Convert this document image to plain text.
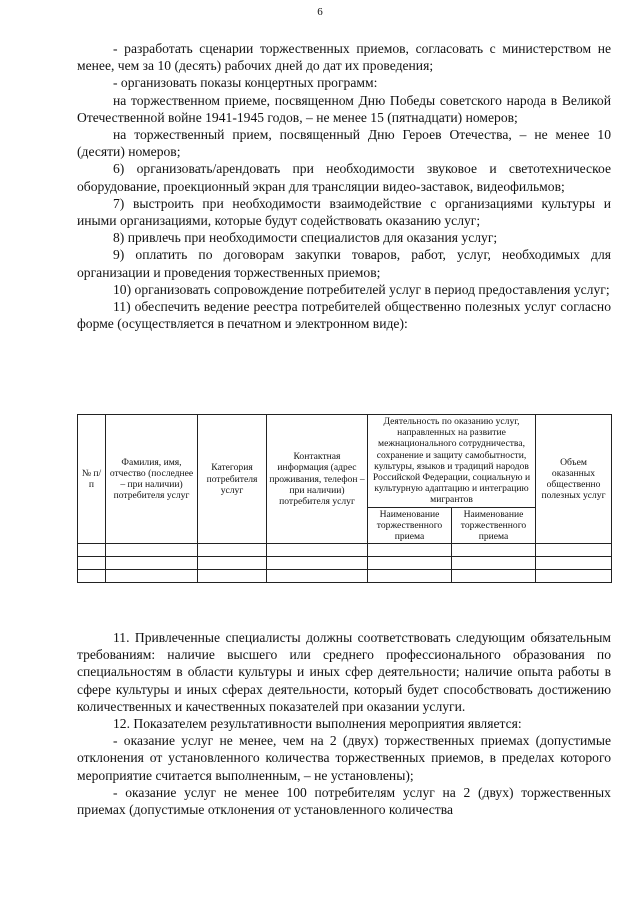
6

- разработать сценарии торжественных приемов, согласовать с министерством не менее, чем за 10 (десять) рабочих дней до дат их проведения;

- организовать показы концертных программ:

на торжественном приеме, посвященном Дню Победы советского народа в Великой Отечественной войне 1941-1945 годов, – не менее 15 (пятнадцати) номеров;

на торжественный прием, посвященный Дню Героев Отечества, – не менее 10 (десяти) номеров;

6) организовать/арендовать при необходимости звуковое и светотехническое оборудование, проекционный экран для трансляции видео-заставок, видеофильмов;

7) выстроить при необходимости взаимодействие с организациями культуры и иными организациями, которые будут содействовать оказанию услуг;

8) привлечь при необходимости специалистов для оказания услуг;

9) оплатить по договорам закупки товаров, работ, услуг, необходимых для организации и проведения торжественных приемов;

10) организовать сопровождение потребителей услуг в период предоставления услуг;

11) обеспечить ведение реестра потребителей общественно полезных услуг согласно форме (осуществляется в печатном и электронном виде):

№ п/п	Фамилия, имя, отчество (последнее – при наличии) потребителя услуг	Категория потребителя услуг	Контактная информация (адрес проживания, телефон – при наличии) потребителя услуг	Деятельность по оказанию услуг, направленных на развитие межнационального сотрудничества, сохранение и защиту самобытности, культуры, языков и традиций народов Российской Федерации, социальную и культурную адаптацию и интеграцию мигрантов		Объем оказанных общественно полезных услуг
				Наименование торжественного приема	Наименование торжественного приема	

11. Привлеченные специалисты должны соответствовать следующим обязательным требованиям: наличие высшего или среднего профессионального образования по специальностям в области культуры и иных сфер деятельности; наличие опыта работы в сфере культуры и иных сферах деятельности, который будет способствовать достижению количественных и качественных показателей при оказании услуги.

12. Показателем результативности выполнения мероприятия является:

- оказание услуг не менее, чем на 2 (двух) торжественных приемах (допустимые отклонения от установленного количества торжественных приемов, в пределах которого мероприятие считается выполненным, – не установлены);

- оказание услуг не менее 100 потребителям услуг на 2 (двух) торжественных приемах (допустимые отклонения от установленного количества
